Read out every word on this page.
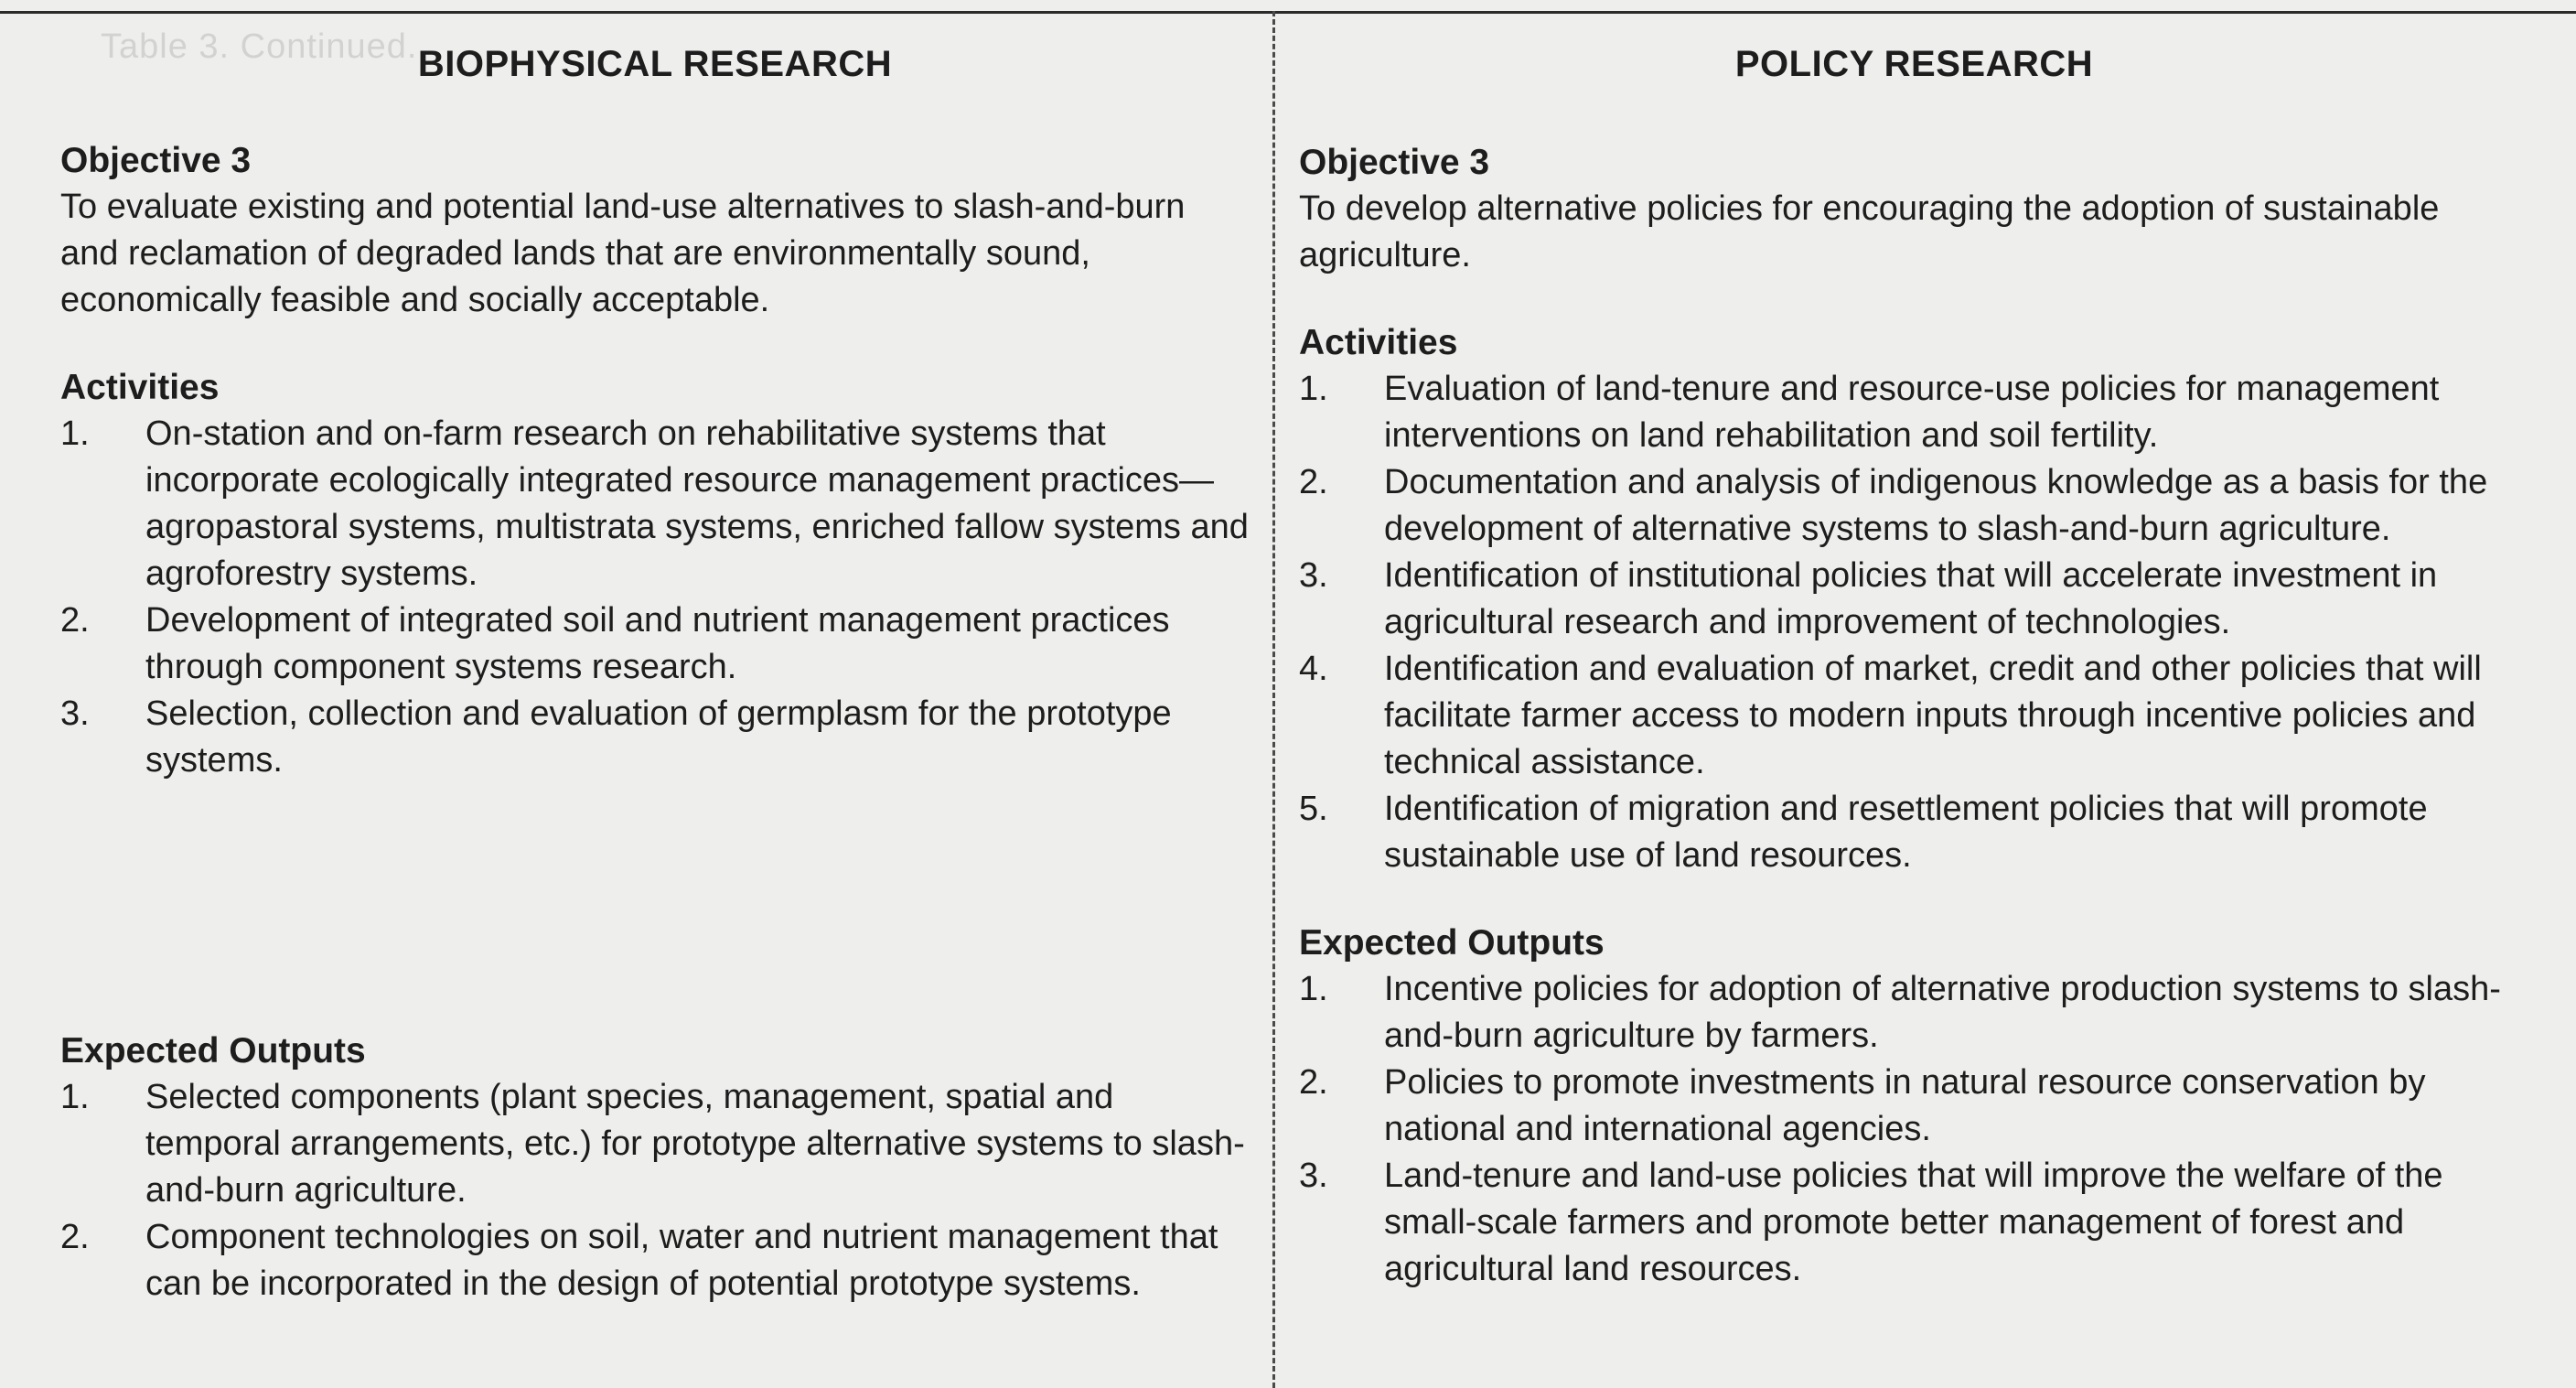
Table 3. Continued. BIOPHYSICAL RESEARCH

Objective 3

To evaluate existing and potential land-use alternatives to slash-and-burn and reclamation of degraded lands that are environmentally sound, economically feasible and socially acceptable.

Activities

1. On-station and on-farm research on rehabilitative systems that incorporate ecologically integrated resource management practices—agropastoral systems, multistrata systems, enriched fallow systems and agroforestry systems.
2. Development of integrated soil and nutrient management practices through component systems research.
3. Selection, collection and evaluation of germplasm for the prototype systems.

Expected Outputs

1. Selected components (plant species, management, spatial and temporal arrangements, etc.) for prototype alternative systems to slash-and-burn agriculture.
2. Component technologies on soil, water and nutrient management that can be incorporated in the design of potential prototype systems.
POLICY RESEARCH

Objective 3

To develop alternative policies for encouraging the adoption of sustainable agriculture.

Activities

1. Evaluation of land-tenure and resource-use policies for management interventions on land rehabilitation and soil fertility.
2. Documentation and analysis of indigenous knowledge as a basis for the development of alternative systems to slash-and-burn agriculture.
3. Identification of institutional policies that will accelerate investment in agricultural research and improvement of technologies.
4. Identification and evaluation of market, credit and other policies that will facilitate farmer access to modern inputs through incentive policies and technical assistance.
5. Identification of migration and resettlement policies that will promote sustainable use of land resources.

Expected Outputs

1. Incentive policies for adoption of alternative production systems to slash-and-burn agriculture by farmers.
2. Policies to promote investments in natural resource conservation by national and international agencies.
3. Land-tenure and land-use policies that will improve the welfare of the small-scale farmers and promote better management of forest and agricultural land resources.
